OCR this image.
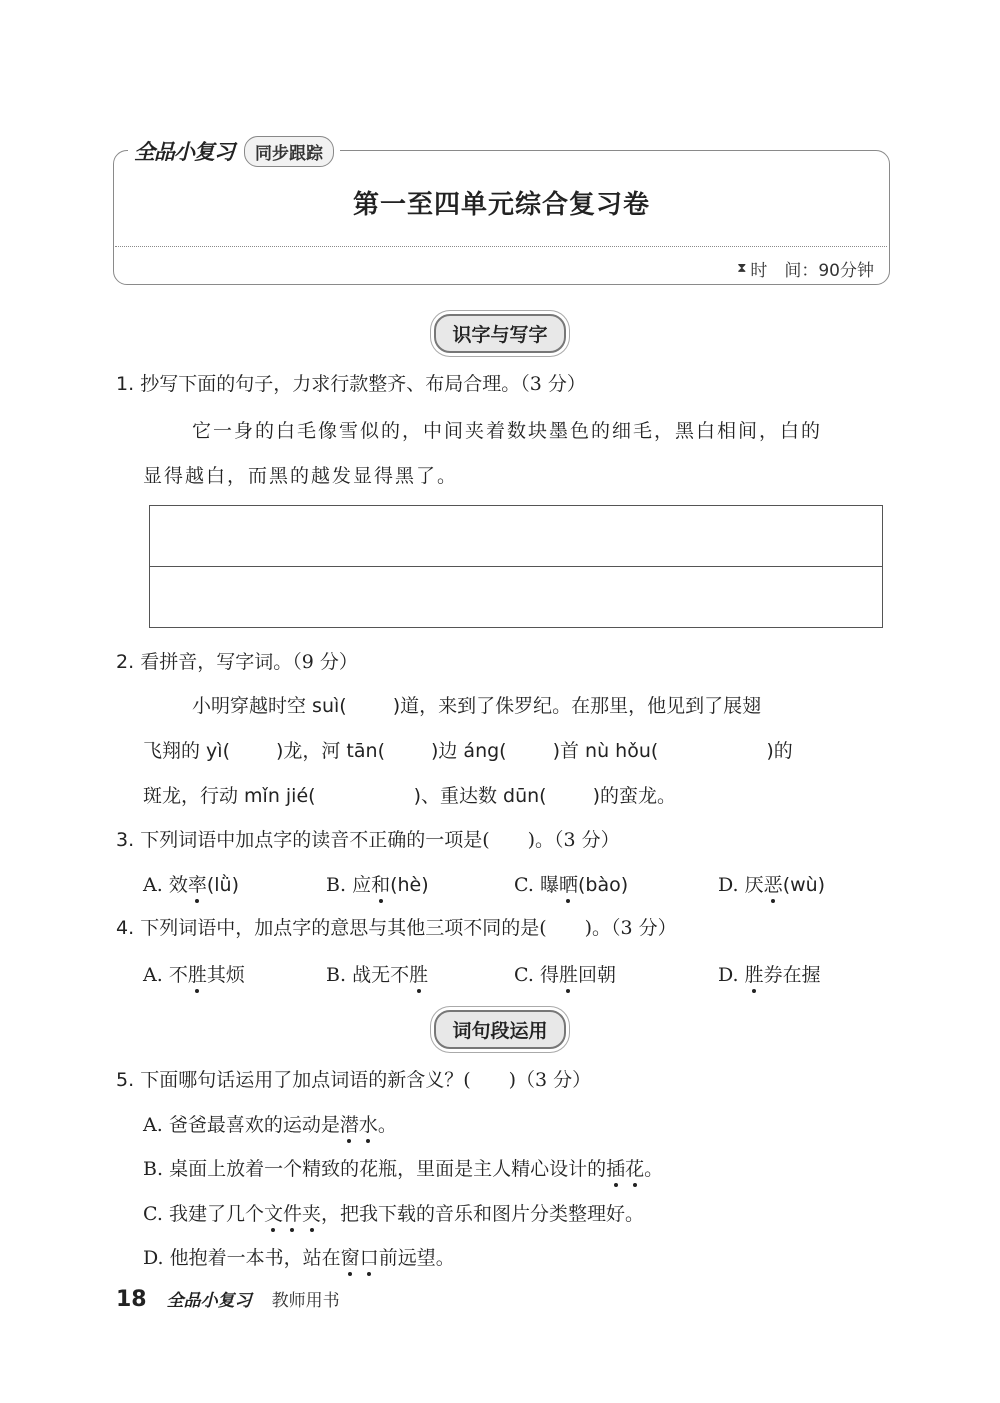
全品小复习	同步跟踪
第一至四单元综合复习卷
⧗ 时　间：90分钟
识字与写字
1. 抄写下面的句子，力求行款整齐、布局合理。（3 分）
它一身的白毛像雪似的，中间夹着数块墨色的细毛，黑白相间，白的
显得越白，而黑的越发显得黑了。
2. 看拼音，写字词。（9 分）
小明穿越时空 suì( )道，来到了侏罗纪。在那里，他见到了展翅
飞翔的 yì( )龙，河 tān( )边 áng( )首 nù hǒu(	)的
斑龙，行动 mǐn jié(	)、重达数 dūn( )的蛮龙。
3. 下列词语中加点字的读音不正确的一项是(　　)。（3 分）
A. 效率(lǜ)	B. 应和(hè)	C. 曝晒(bào)	D. 厌恶(wù)
4. 下列词语中，加点字的意思与其他三项不同的是(　　)。（3 分）
A. 不胜其烦	B. 战无不胜	C. 得胜回朝	D. 胜券在握
词句段运用
5. 下面哪句话运用了加点词语的新含义？(　　)（3 分）
A. 爸爸最喜欢的运动是潜水。
B. 桌面上放着一个精致的花瓶，里面是主人精心设计的插花。
C. 我建了几个文件夹，把我下载的音乐和图片分类整理好。
D. 他抱着一本书，站在窗口前远望。
18 全品小复习 教师用书
